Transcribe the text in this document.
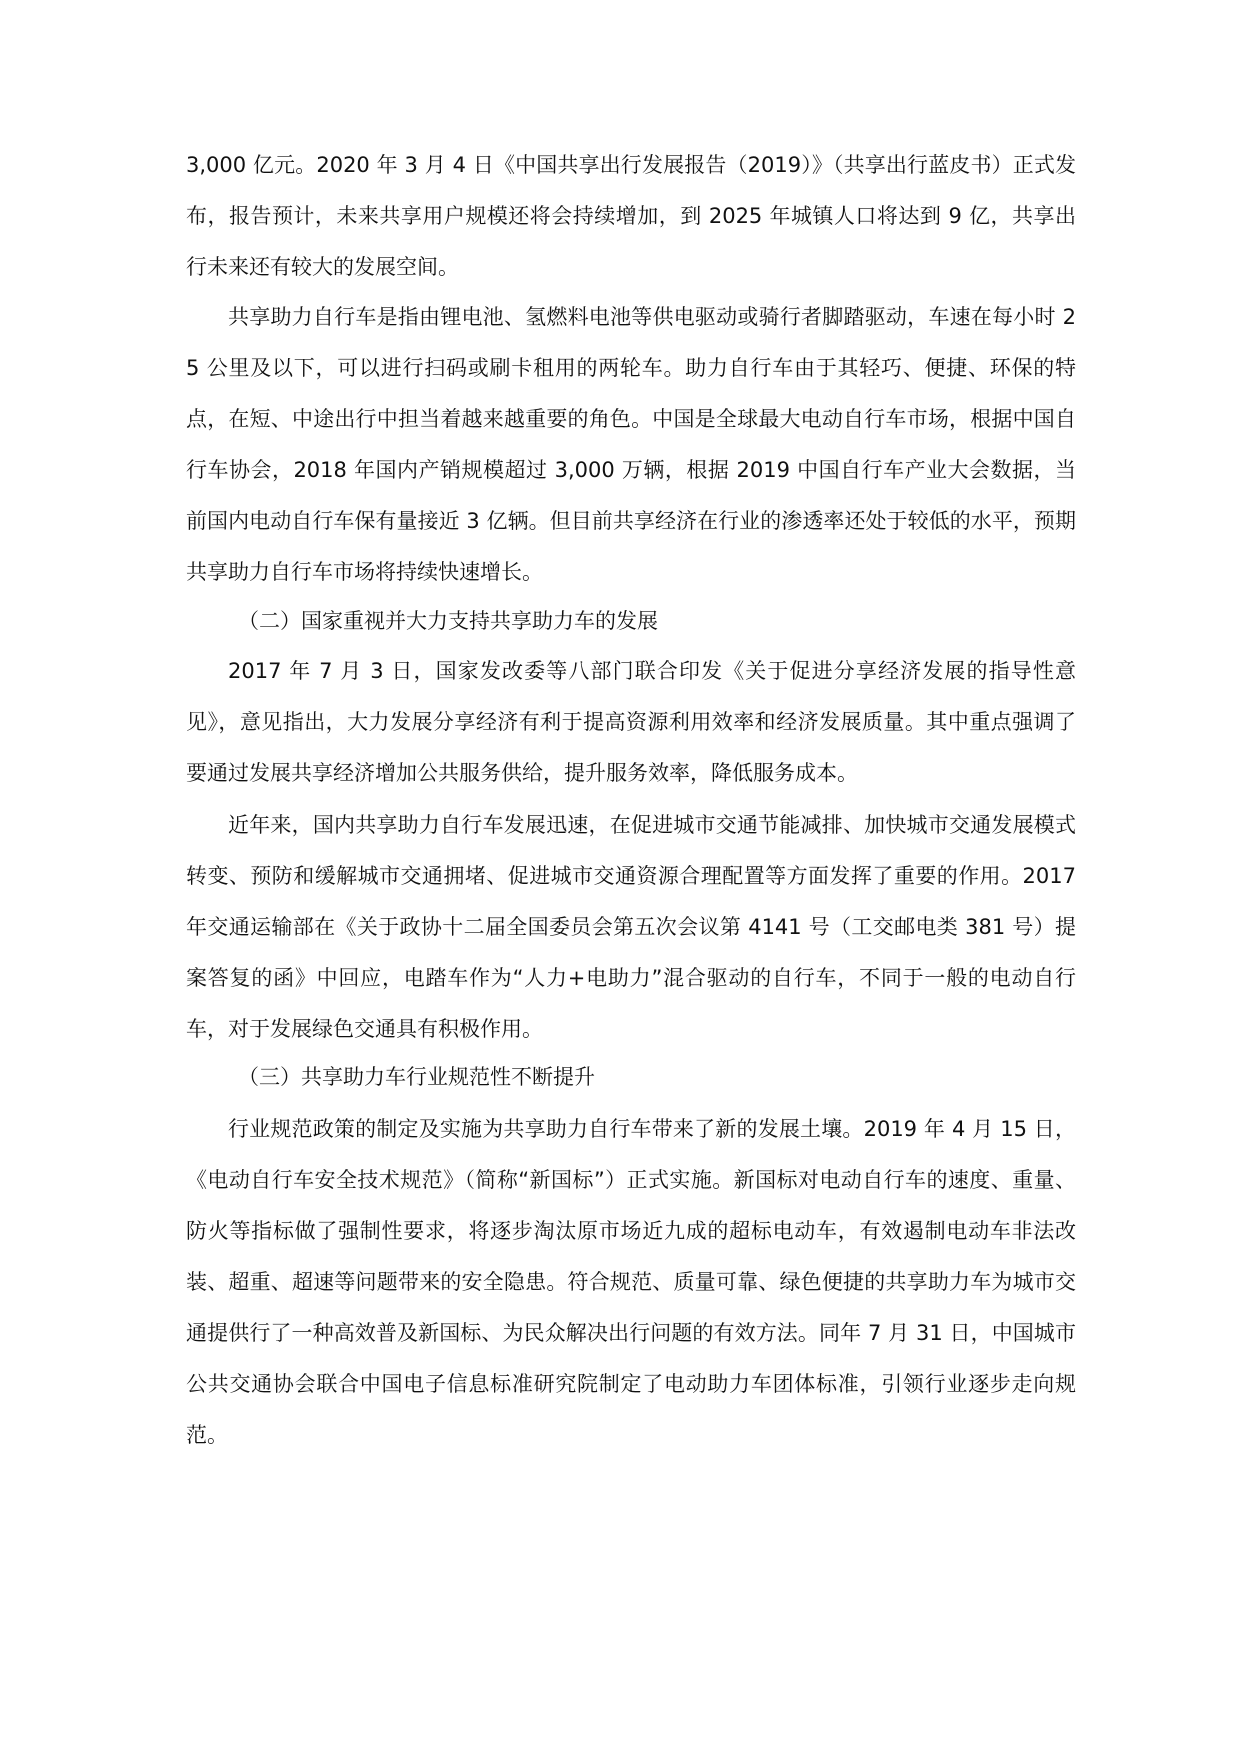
3,000 亿元。2020 年 3 月 4 日《中国共享出行发展报告（2019）》（共享出行蓝皮书）正式发布，报告预计，未来共享用户规模还将会持续增加，到 2025 年城镇人口将达到 9 亿，共享出行未来还有较大的发展空间。
共享助力自行车是指由锂电池、氢燃料电池等供电驱动或骑行者脚踏驱动，车速在每小时 25 公里及以下，可以进行扫码或刷卡租用的两轮车。助力自行车由于其轻巧、便捷、环保的特点，在短、中途出行中担当着越来越重要的角色。中国是全球最大电动自行车市场，根据中国自行车协会，2018 年国内产销规模超过 3,000 万辆，根据 2019 中国自行车产业大会数据，当前国内电动自行车保有量接近 3 亿辆。但目前共享经济在行业的渗透率还处于较低的水平，预期共享助力自行车市场将持续快速增长。
（二）国家重视并大力支持共享助力车的发展
2017 年 7 月 3 日，国家发改委等八部门联合印发《关于促进分享经济发展的指导性意见》，意见指出，大力发展分享经济有利于提高资源利用效率和经济发展质量。其中重点强调了要通过发展共享经济增加公共服务供给，提升服务效率，降低服务成本。
近年来，国内共享助力自行车发展迅速，在促进城市交通节能减排、加快城市交通发展模式转变、预防和缓解城市交通拥堵、促进城市交通资源合理配置等方面发挥了重要的作用。2017 年交通运输部在《关于政协十二届全国委员会第五次会议第 4141 号（工交邮电类 381 号）提案答复的函》中回应，电踏车作为“人力+电助力”混合驱动的自行车，不同于一般的电动自行车，对于发展绿色交通具有积极作用。
（三）共享助力车行业规范性不断提升
行业规范政策的制定及实施为共享助力自行车带来了新的发展土壤。2019 年 4 月 15 日，《电动自行车安全技术规范》（简称“新国标”）正式实施。新国标对电动自行车的速度、重量、防火等指标做了强制性要求，将逐步淘汰原市场近九成的超标电动车，有效遏制电动车非法改装、超重、超速等问题带来的安全隐患。符合规范、质量可靠、绿色便捷的共享助力车为城市交通提供行了一种高效普及新国标、为民众解决出行问题的有效方法。同年 7 月 31 日，中国城市公共交通协会联合中国电子信息标准研究院制定了电动助力车团体标准，引领行业逐步走向规范。
